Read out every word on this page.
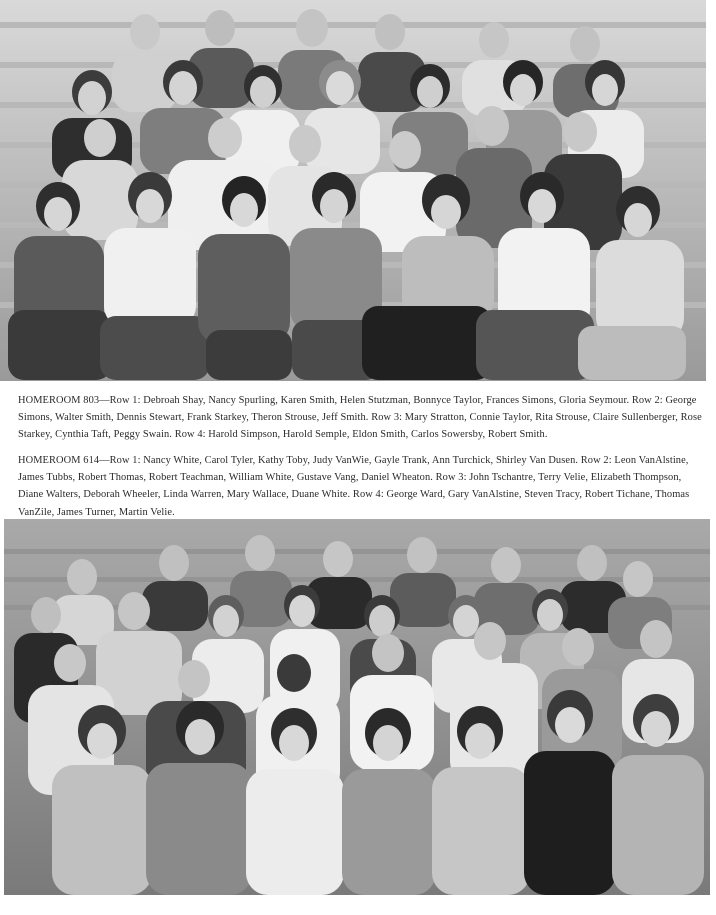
HOMEROOM 803—Row 1: Debroah Shay, Nancy Spurling, Karen Smith, Helen Stutzman, Bonnyce Taylor, Frances Simons, Gloria Seymour. Row 2: George Simons, Walter Smith, Dennis Stewart, Frank Starkey, Theron Strouse, Jeff Smith. Row 3: Mary Stratton, Connie Taylor, Rita Strouse, Claire Sullenberger, Rose Starkey, Cynthia Taft, Peggy Swain. Row 4: Harold Simpson, Harold Semple, Eldon Smith, Carlos Sowersby, Robert Smith.

HOMEROOM 614—Row 1: Nancy White, Carol Tyler, Kathy Toby, Judy VanWie, Gayle Trank, Ann Turchick, Shirley Van Dusen. Row 2: Leon VanAlstine, James Tubbs, Robert Thomas, Robert Teachman, William White, Gustave Vang, Daniel Wheaton. Row 3: John Tschantre, Terry Velie, Elizabeth Thompson, Diane Walters, Deborah Wheeler, Linda Warren, Mary Wallace, Duane White. Row 4: George Ward, Gary VanAlstine, Steven Tracy, Robert Tichane, Thomas VanZile, James Turner, Martin Velie.
